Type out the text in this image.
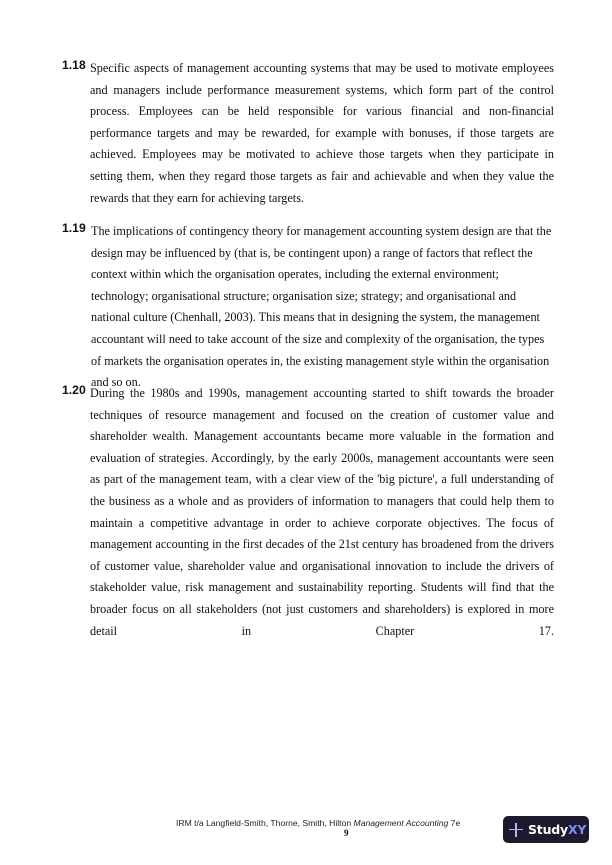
1.18 Specific aspects of management accounting systems that may be used to motivate employees and managers include performance measurement systems, which form part of the control process. Employees can be held responsible for various financial and non-financial performance targets and may be rewarded, for example with bonuses, if those targets are achieved. Employees may be motivated to achieve those targets when they participate in setting them, when they regard those targets as fair and achievable and when they value the rewards that they earn for achieving targets.
1.19 The implications of contingency theory for management accounting system design are that the design may be influenced by (that is, be contingent upon) a range of factors that reflect the context within which the organisation operates, including the external environment; technology; organisational structure; organisation size; strategy; and organisational and national culture (Chenhall, 2003). This means that in designing the system, the management accountant will need to take account of the size and complexity of the organisation, the types of markets the organisation operates in, the existing management style within the organisation and so on.
1.20 During the 1980s and 1990s, management accounting started to shift towards the broader techniques of resource management and focused on the creation of customer value and shareholder wealth. Management accountants became more valuable in the formation and evaluation of strategies. Accordingly, by the early 2000s, management accountants were seen as part of the management team, with a clear view of the 'big picture', a full understanding of the business as a whole and as providers of information to managers that could help them to maintain a competitive advantage in order to achieve corporate objectives. The focus of management accounting in the first decades of the 21st century has broadened from the drivers of customer value, shareholder value and organisational innovation to include the drivers of stakeholder value, risk management and sustainability reporting. Students will find that the broader focus on all stakeholders (not just customers and shareholders) is explored in more detail in Chapter 17.
IRM t/a Langfield-Smith, Thorne, Smith, Hilton Management Accounting 7e
9	StudyXY
